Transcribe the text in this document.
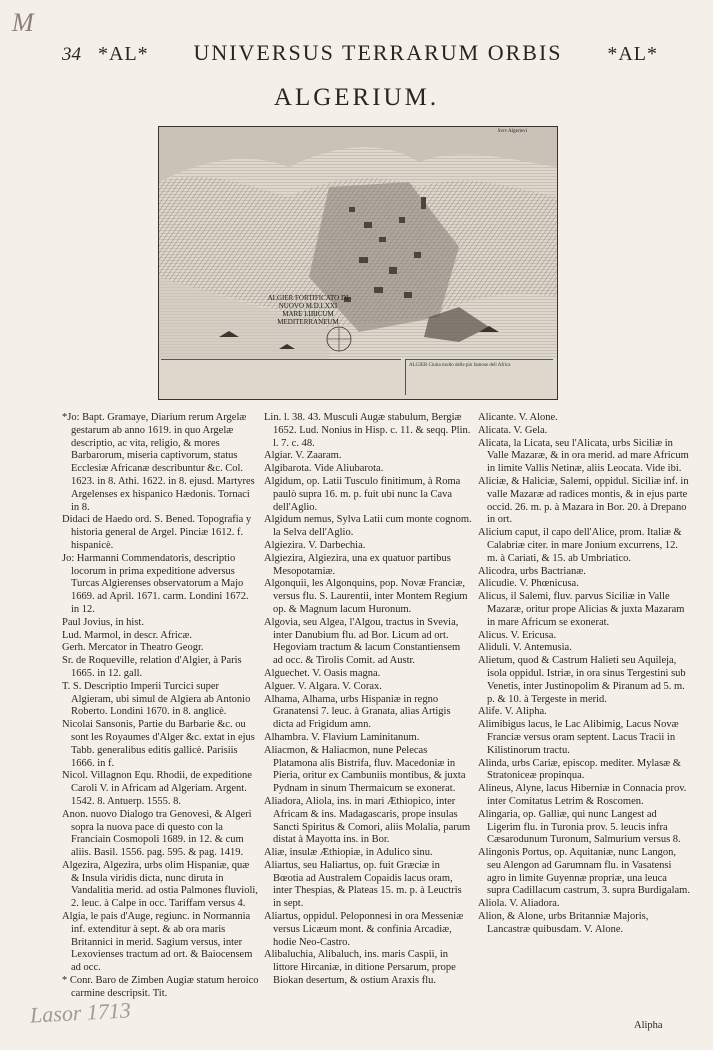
M
34 *AL* UNIVERSUS TERRARUM ORBIS *AL*
ALGERIUM.
Svrv Algerievi
ALGIER FORTIFICATO DI
NUOVO M.D.LXXI
MARE LIBICUM MEDITERRANEUM
ALGIER Ciuita molto delle pin famose deli Africa

*Jo: Bapt. Gramaye, Diarium rerum Argelæ gestarum ab anno 1619. in quo Argelæ descriptio, ac vita, religio, & mores Barbarorum, miseria captivorum, status Ecclesiæ Africanæ describuntur &c. Col. 1623. in 8. Athi. 1622. in 8. ejusd. Martyres Argelenses ex hispanico Hædonis. Tornaci in 8.

Didaci de Haedo ord. S. Bened. Topografia y historia general de Argel. Pinciæ 1612. f. hispanicè.

Jo: Harmanni Commendatoris, descriptio locorum in prima expeditione adversus Turcas Algierenses observatorum a Majo 1669. ad April. 1671. carm. Londini 1672. in 12.

Paul Jovius, in hist.

Lud. Marmol, in descr. Africæ.

Gerh. Mercator in Theatro Geogr.

Sr. de Roqueville, relation d'Algier, à Paris 1665. in 12. gall.

T. S. Descriptio Imperii Turcici super Algieram, ubi simul de Algiera ab Antonio Roberto. Londini 1670. in 8. anglicè.

Nicolai Sansonis, Partie du Barbarie &c. ou sont les Royaumes d'Alger &c. extat in ejus Tabb. generalibus editis gallicè. Parisiis 1666. in f.

Nicol. Villagnon Equ. Rhodii, de expeditione Caroli V. in Africam ad Algeriam. Argent. 1542. 8. Antuerp. 1555. 8.

Anon. nuovo Dialogo tra Genovesi, & Algeri sopra la nuova pace di questo con la Franciain Cosmopoli 1689. in 12. & cum aliis. Basil. 1556. pag. 595. & pag. 1419.

Algezira, Algezira, urbs olim Hispaniæ, quæ & Insula viridis dicta, nunc diruta in Vandalitia merid. ad ostia Palmones fluvioli, 2. leuc. à Calpe in occ. Tariffam versus 4.

Algia, le pais d'Auge, regiunc. in Normannia inf. extenditur à sept. & ab ora maris Britannici in merid. Sagium versus, inter Lexovienses tractum ad ort. & Baiocensem ad occ.

* Conr. Baro de Zimben Augiæ statum heroico carmine descripsit. Tit.

Lin. l. 38. 43. Musculi Augæ stabulum, Bergiæ 1652. Lud. Nonius in Hisp. c. 11. & seqq. Plin. l. 7. c. 48.

Algiar. V. Zaaram.

Algibarota. Vide Aliubarota.

Algidum, op. Latii Tusculo finitimum, à Roma paulò supra 16. m. p. fuit ubi nunc la Cava dell'Aglio.

Algidum nemus, Sylva Latii cum monte cognom. la Selva dell'Aglio.

Algiezira. V. Darbechia.

Algiezira, Algiezira, una ex quatuor partibus Mesopotamiæ.

Algonquii, les Algonquins, pop. Novæ Franciæ, versus flu. S. Laurentii, inter Montem Regium op. & Magnum lacum Huronum.

Algovia, seu Algea, l'Algou, tractus in Svevia, inter Danubium flu. ad Bor. Licum ad ort. Hegoviam tractum & lacum Constantiensem ad occ. & Tirolis Comit. ad Austr.

Alguechet. V. Oasis magna.

Alguer. V. Algara. V. Corax.

Alhama, Alhama, urbs Hispaniæ in regno Granatensi 7. leuc. à Granata, alias Artigis dicta ad Frigidum amn.

Alhambra. V. Flavium Laminitanum.

Aliacmon, & Haliacmon, nune Pelecas Platamona alis Bistrifa, fluv. Macedoniæ in Pieria, oritur ex Cambuniis montibus, & juxta Pydnam in sinum Thermaicum se exonerat.

Aliadora, Aliola, ins. in mari Æthiopico, inter Africam & ins. Madagascaris, prope insulas Sancti Spiritus & Comori, aliis Molalia, parum distat à Mayotta ins. in Bor.

Aliæ, insulæ Æthiopiæ, in Adulico sinu.

Aliartus, seu Haliartus, op. fuit Græciæ in Bœotia ad Australem Copaidis lacus oram, inter Thespias, & Plateas 15. m. p. à Leuctris in sept.

Aliartus, oppidul. Peloponnesi in ora Messeniæ versus Licæum mont. & confinia Arcadiæ, hodie Neo-Castro.

Alibaluchia, Alibaluch, ins. maris Caspii, in littore Hircaniæ, in ditione Persarum, prope Biokan desertum, & ostium Araxis flu.

Alicante. V. Alone.

Alicata. V. Gela.

Alicata, la Licata, seu l'Alicata, urbs Siciliæ in Valle Mazaræ, & in ora merid. ad mare Africum in limite Vallis Netinæ, aliis Leocata. Vide ibi.

Aliciæ, & Haliciæ, Salemi, oppidul. Siciliæ inf. in valle Mazaræ ad radices montis, & in ejus parte occid. 26. m. p. à Mazara in Bor. 20. à Drepano in ort.

Alicium caput, il capo dell'Alice, prom. Italiæ & Calabriæ citer. in mare Jonium excurrens, 12. m. à Cariati, & 15. ab Umbriatico.

Alicodra, urbs Bactrianæ.

Alicudie. V. Phœnicusa.

Alicus, il Salemi, fluv. parvus Siciliæ in Valle Mazaræ, oritur prope Alicias & juxta Mazaram in mare Africum se exonerat.

Alicus. V. Ericusa.

Aliduli. V. Antemusia.

Alietum, quod & Castrum Halieti seu Aquileja, isola oppidul. Istriæ, in ora sinus Tergestini sub Venetis, inter Justinopolim & Piranum ad 5. m. p. & 10. à Tergeste in merid.

Alife. V. Alipha.

Alimibigus lacus, le Lac Alibimig, Lacus Novæ Franciæ versus oram septent. Lacus Tracii in Kilistinorum tractu.

Alinda, urbs Cariæ, episcop. mediter. Mylasæ & Stratoniceæ propinqua.

Alineus, Alyne, lacus Hiberniæ in Connacia prov. inter Comitatus Letrim & Roscomen.

Alingaria, op. Galliæ, qui nunc Langest ad Ligerim flu. in Turonia prov. 5. leucis infra Cæsarodunum Turonum, Salmurium versus 8.

Alingonis Portus, op. Aquitaniæ, nunc Langon, seu Alengon ad Garumnam flu. in Vasatensi agro in limite Guyennæ propriæ, una leuca supra Cadillacum castrum, 3. supra Burdigalam.

Aliola. V. Aliadora.

Alion, & Alone, urbs Britanniæ Majoris, Lancastræ quibusdam. V. Alone.

Alipha
Lasor 1713
